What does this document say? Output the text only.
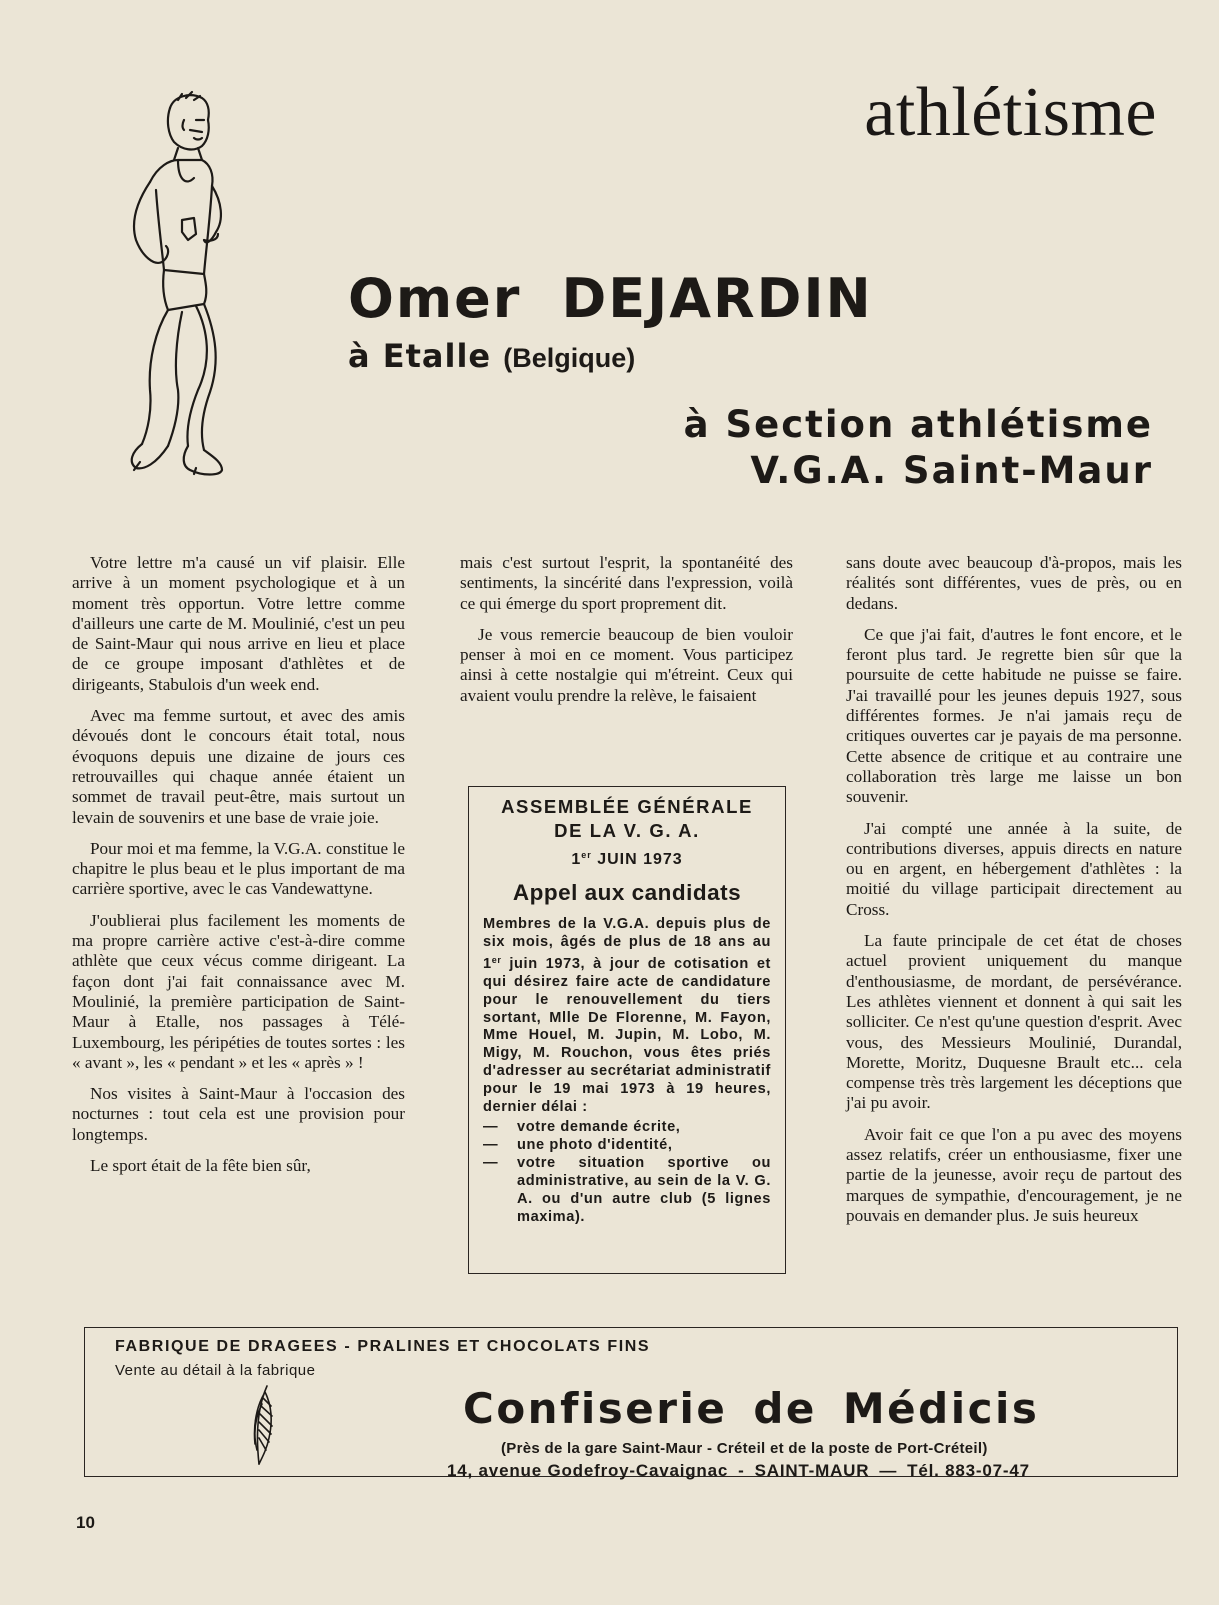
athlétisme
Omer DEJARDIN
à Etalle (Belgique)
à Section athlétisme
V.G.A. Saint-Maur

Votre lettre m'a causé un vif plaisir. Elle arrive à un moment psychologique et à un moment très opportun. Votre lettre comme d'ailleurs une carte de M. Moulinié, c'est un peu de Saint-Maur qui nous arrive en lieu et place de ce groupe imposant d'athlètes et de dirigeants, Stabulois d'un week end.

Avec ma femme surtout, et avec des amis dévoués dont le concours était total, nous évoquons depuis une dizaine de jours ces retrouvailles qui chaque année étaient un sommet de travail peut-être, mais surtout un levain de souvenirs et une base de vraie joie.

Pour moi et ma femme, la V.G.A. constitue le chapitre le plus beau et le plus important de ma carrière sportive, avec le cas Vandewattyne.

J'oublierai plus facilement les moments de ma propre carrière active c'est-à-dire comme athlète que ceux vécus comme dirigeant. La façon dont j'ai fait connaissance avec M. Moulinié, la première participation de Saint-Maur à Etalle, nos passages à Télé-Luxembourg, les péripéties de toutes sortes : les « avant », les « pendant » et les « après » !

Nos visites à Saint-Maur à l'occasion des nocturnes : tout cela est une provision pour longtemps.

Le sport était de la fête bien sûr,

mais c'est surtout l'esprit, la spontanéité des sentiments, la sincérité dans l'expression, voilà ce qui émerge du sport proprement dit.

Je vous remercie beaucoup de bien vouloir penser à moi en ce moment. Vous participez ainsi à cette nostalgie qui m'étreint. Ceux qui avaient voulu prendre la relève, le faisaient

ASSEMBLÉE GÉNÉRALE
DE LA V. G. A.
1er JUIN 1973
Appel aux candidats
Membres de la V.G.A. depuis plus de six mois, âgés de plus de 18 ans au 1er juin 1973, à jour de cotisation et qui désirez faire acte de candidature pour le renouvellement du tiers sortant, Mlle De Florenne, M. Fayon, Mme Houel, M. Jupin, M. Lobo, M. Migy, M. Rouchon, vous êtes priés d'adresser au secrétariat administratif pour le 19 mai 1973 à 19 heures, dernier délai :
—	votre demande écrite,
—	une photo d'identité,
—	votre situation sportive ou administrative, au sein de la V. G. A. ou d'un autre club (5 lignes maxima).

sans doute avec beaucoup d'à-propos, mais les réalités sont différentes, vues de près, ou en dedans.

Ce que j'ai fait, d'autres le font encore, et le feront plus tard. Je regrette bien sûr que la poursuite de cette habitude ne puisse se faire. J'ai travaillé pour les jeunes depuis 1927, sous différentes formes. Je n'ai jamais reçu de critiques ouvertes car je payais de ma personne. Cette absence de critique et au contraire une collaboration très large me laisse un bon souvenir.

J'ai compté une année à la suite, de contributions diverses, appuis directs en nature ou en argent, en hébergement d'athlètes : la moitié du village participait directement au Cross.

La faute principale de cet état de choses actuel provient uniquement du manque d'enthousiasme, de mordant, de persévérance. Les athlètes viennent et donnent à qui sait les solliciter. Ce n'est qu'une question d'esprit. Avec vous, des Messieurs Moulinié, Durandal, Morette, Moritz, Duquesne Brault etc... cela compense très très largement les déceptions que j'ai pu avoir.

Avoir fait ce que l'on a pu avec des moyens assez relatifs, créer un enthousiasme, fixer une partie de la jeunesse, avoir reçu de partout des marques de sympathie, d'encouragement, je ne pouvais en demander plus. Je suis heureux

FABRIQUE DE DRAGEES - PRALINES ET CHOCOLATS FINS
Vente au détail à la fabrique
Confiserie de Médicis
(Près de la gare Saint-Maur - Créteil et de la poste de Port-Créteil)
14, avenue Godefroy-Cavaignac - SAINT-MAUR — Tél. 883-07-47
10
